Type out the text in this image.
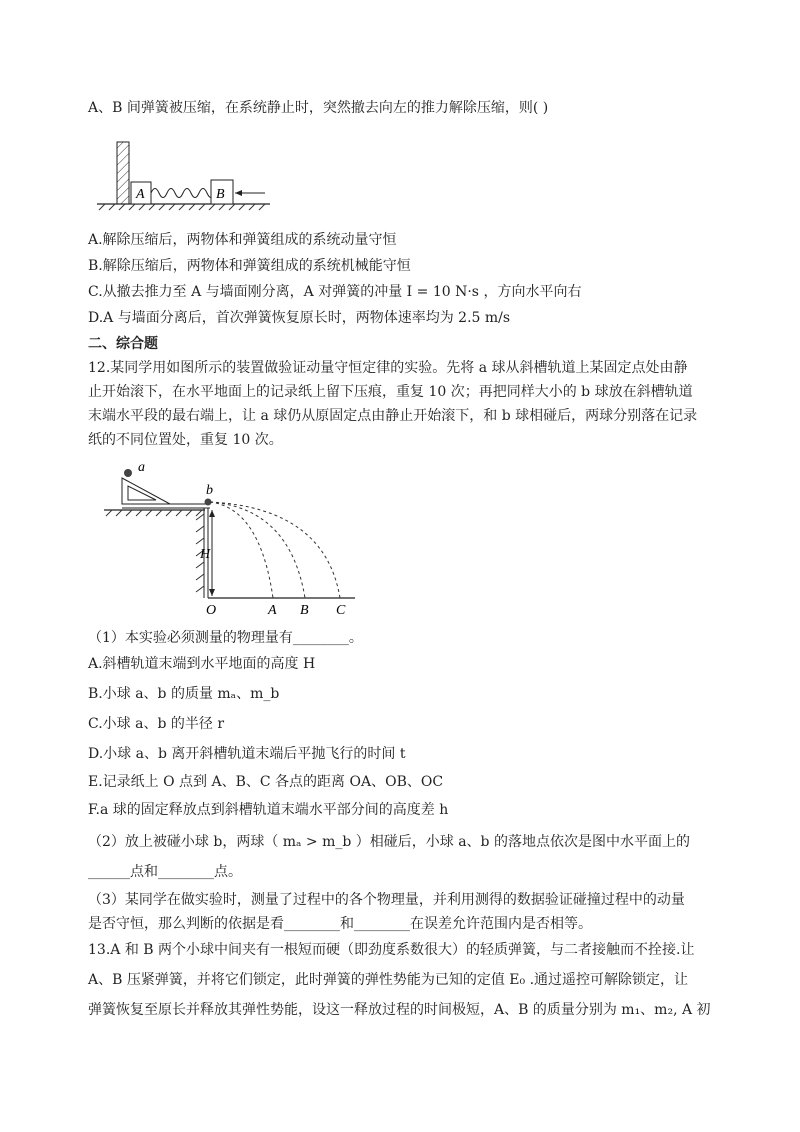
A、B 间弹簧被压缩，在系统静止时，突然撤去向左的推力解除压缩，则( )
A	B
A.解除压缩后，两物体和弹簧组成的系统动量守恒
B.解除压缩后，两物体和弹簧组成的系统机械能守恒
C.从撤去推力至 A 与墙面刚分离，A 对弹簧的冲量 I = 10 N·s ，方向水平向右
D.A 与墙面分离后，首次弹簧恢复原长时，两物体速率均为 2.5 m/s
二、综合题
12.某同学用如图所示的装置做验证动量守恒定律的实验。先将 a 球从斜槽轨道上某固定点处由静
止开始滚下，在水平地面上的记录纸上留下压痕，重复 10 次；再把同样大小的 b 球放在斜槽轨道
末端水平段的最右端上，让 a 球仍从原固定点由静止开始滚下，和 b 球相碰后，两球分别落在记录
纸的不同位置处，重复 10 次。
a
b
H
O	A B C
（1）本实验必须测量的物理量有________。
A.斜槽轨道末端到水平地面的高度 H
B.小球 a、b 的质量 mₐ、m_b
C.小球 a、b 的半径 r
D.小球 a、b 离开斜槽轨道末端后平抛飞行的时间 t
E.记录纸上 O 点到 A、B、C 各点的距离 OA、OB、OC
F.a 球的固定释放点到斜槽轨道末端水平部分间的高度差 h
（2）放上被碰小球 b，两球（ mₐ > m_b ）相碰后，小球 a、b 的落地点依次是图中水平面上的
______点和________点。
（3）某同学在做实验时，测量了过程中的各个物理量，并利用测得的数据验证碰撞过程中的动量
是否守恒，那么判断的依据是看________和________在误差允许范围内是否相等。
13.A 和 B 两个小球中间夹有一根短而硬（即劲度系数很大）的轻质弹簧，与二者接触而不拴接.让
A、B 压紧弹簧，并将它们锁定，此时弹簧的弹性势能为已知的定值 E₀ .通过遥控可解除锁定，让
弹簧恢复至原长并释放其弹性势能，设这一释放过程的时间极短，A、B 的质量分别为 m₁、m₂, A 初
